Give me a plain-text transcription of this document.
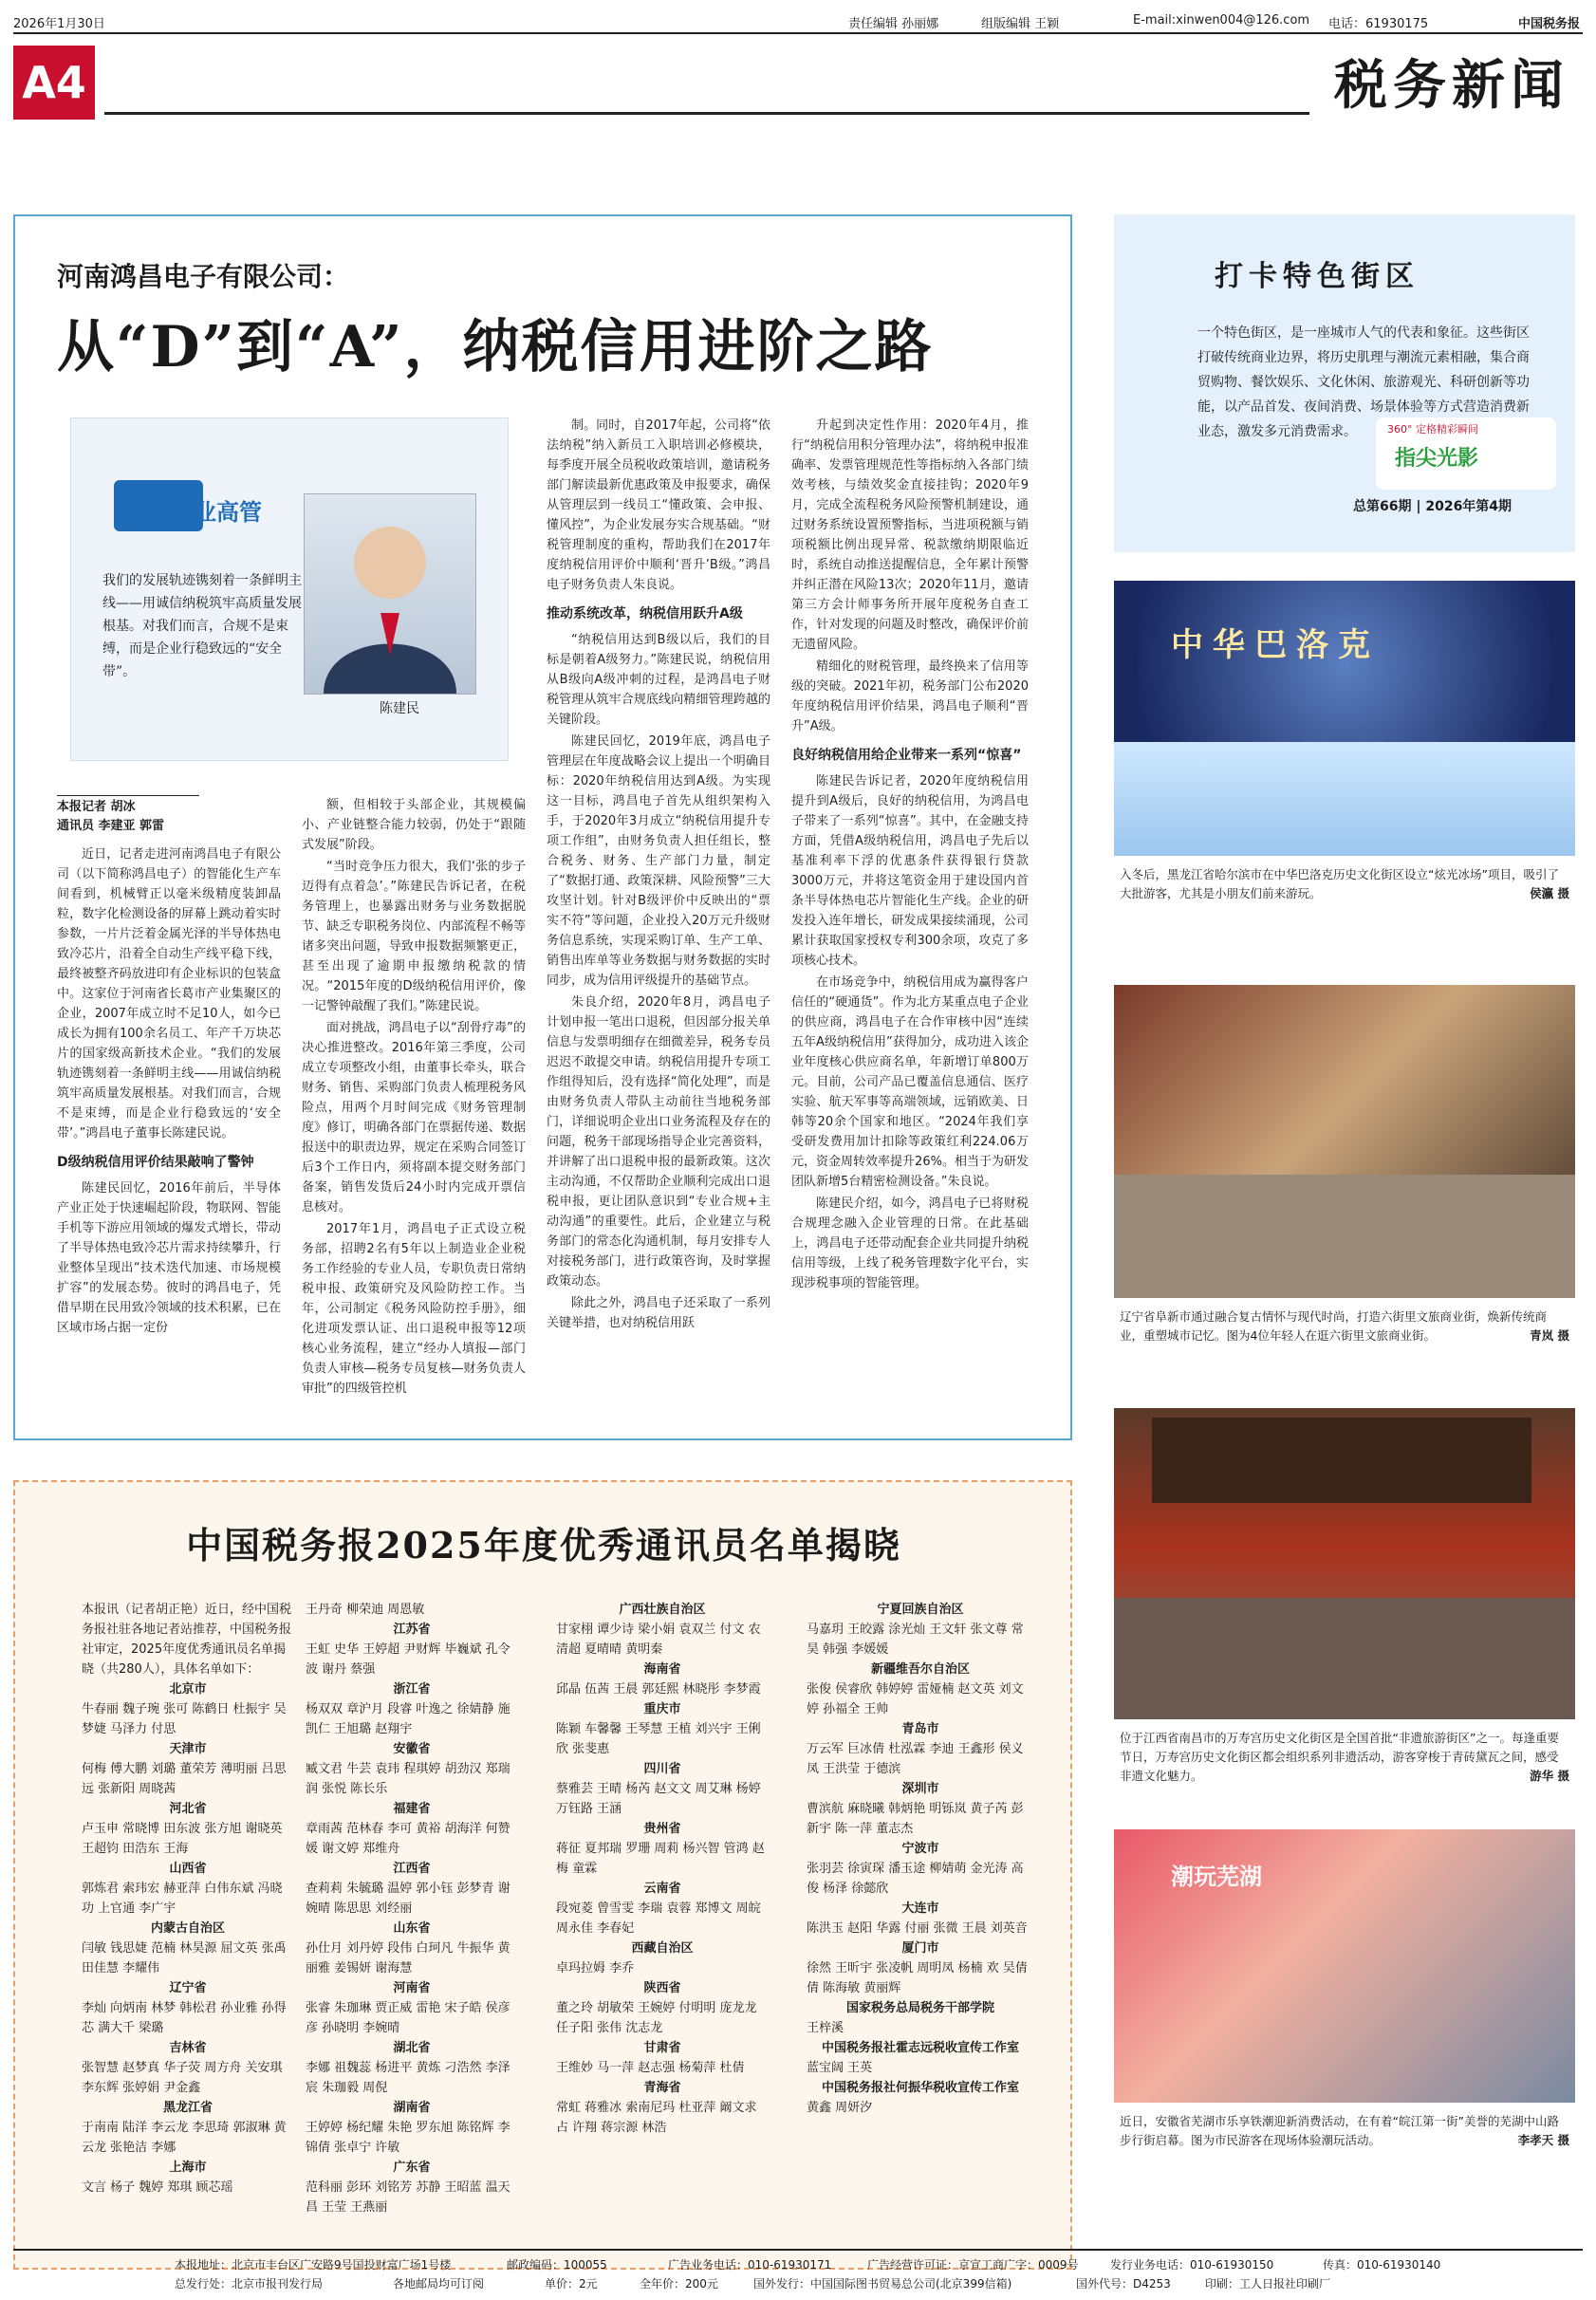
2026年1月30日	责任编辑 孙丽娜	组版编辑 王颖	E-mail:xinwen004@126.com 电话：61930175	中国税务报
A4	税务新闻
河南鸿昌电子有限公司：
从“D”到“A”，纳税信用进阶之路
企业高管
我们的发展轨迹镌刻着一条鲜明主线——用诚信纳税筑牢高质量发展根基。对我们而言，合规不是束缚，而是企业行稳致远的“安全带”。
陈建民
本报记者 胡冰
通讯员 李建亚 郭雷

近日，记者走进河南鸿昌电子有限公司（以下简称鸿昌电子）的智能化生产车间看到，机械臂正以毫米级精度装卸晶粒，数字化检测设备的屏幕上跳动着实时参数，一片片泛着金属光泽的半导体热电致冷芯片，沿着全自动生产线平稳下线，最终被整齐码放进印有企业标识的包装盒中。这家位于河南省长葛市产业集聚区的企业，2007年成立时不足10人，如今已成长为拥有100余名员工、年产千万块芯片的国家级高新技术企业。“我们的发展轨迹镌刻着一条鲜明主线——用诚信纳税筑牢高质量发展根基。对我们而言，合规不是束缚，而是企业行稳致远的‘安全带’。”鸿昌电子董事长陈建民说。

D级纳税信用评价结果敲响了警钟

陈建民回忆，2016年前后，半导体产业正处于快速崛起阶段，物联网、智能手机等下游应用领域的爆发式增长，带动了半导体热电致冷芯片需求持续攀升，行业整体呈现出“技术迭代加速、市场规模扩容”的发展态势。彼时的鸿昌电子，凭借早期在民用致冷领域的技术积累，已在区域市场占据一定份

额，但相较于头部企业，其规模偏小、产业链整合能力较弱，仍处于“跟随式发展”阶段。

“当时竞争压力很大，我们‘张的步子迈得有点着急’。”陈建民告诉记者，在税务管理上，也暴露出财务与业务数据脱节、缺乏专职税务岗位、内部流程不畅等诸多突出问题，导致申报数据频繁更正，甚至出现了逾期申报缴纳税款的情况。“2015年度的D级纳税信用评价，像一记警钟敲醒了我们。”陈建民说。

面对挑战，鸿昌电子以“刮骨疗毒”的决心推进整改。2016年第三季度，公司成立专项整改小组，由董事长牵头，联合财务、销售、采购部门负责人梳理税务风险点，用两个月时间完成《财务管理制度》修订，明确各部门在票据传递、数据报送中的职责边界，规定在采购合同签订后3个工作日内，须将副本提交财务部门备案，销售发货后24小时内完成开票信息核对。

2017年1月，鸿昌电子正式设立税务部，招聘2名有5年以上制造业企业税务工作经验的专业人员，专职负责日常纳税申报、政策研究及风险防控工作。当年，公司制定《税务风险防控手册》，细化进项发票认证、出口退税申报等12项核心业务流程，建立“经办人填报—部门负责人审核—税务专员复核—财务负责人审批”的四级管控机

制。同时，自2017年起，公司将“依法纳税”纳入新员工入职培训必修模块，每季度开展全员税收政策培训，邀请税务部门解读最新优惠政策及申报要求，确保从管理层到一线员工“懂政策、会申报、懂风控”，为企业发展夯实合规基础。“财税管理制度的重构，帮助我们在2017年度纳税信用评价中顺利‘晋升’B级。”鸿昌电子财务负责人朱良说。

推动系统改革，纳税信用跃升A级

“纳税信用达到B级以后，我们的目标是朝着A级努力。”陈建民说，纳税信用从B级向A级冲刺的过程，是鸿昌电子财税管理从筑牢合规底线向精细管理跨越的关键阶段。

陈建民回忆，2019年底，鸿昌电子管理层在年度战略会议上提出一个明确目标：2020年纳税信用达到A级。为实现这一目标，鸿昌电子首先从组织架构入手，于2020年3月成立“纳税信用提升专项工作组”，由财务负责人担任组长，整合税务、财务、生产部门力量，制定了“数据打通、政策深耕、风险预警”三大攻坚计划。针对B级评价中反映出的“票实不符”等问题，企业投入20万元升级财务信息系统，实现采购订单、生产工单、销售出库单等业务数据与财务数据的实时同步，成为信用评级提升的基础节点。

朱良介绍，2020年8月，鸿昌电子计划申报一笔出口退税，但因部分报关单信息与发票明细存在细微差异，税务专员迟迟不敢提交申请。纳税信用提升专项工作组得知后，没有选择“简化处理”，而是由财务负责人带队主动前往当地税务部门，详细说明企业出口业务流程及存在的问题，税务干部现场指导企业完善资料，并讲解了出口退税申报的最新政策。这次主动沟通，不仅帮助企业顺利完成出口退税申报，更让团队意识到“专业合规+主动沟通”的重要性。此后，企业建立与税务部门的常态化沟通机制，每月安排专人对接税务部门，进行政策咨询，及时掌握政策动态。

除此之外，鸿昌电子还采取了一系列关键举措，也对纳税信用跃

升起到决定性作用：2020年4月，推行“纳税信用积分管理办法”，将纳税申报准确率、发票管理规范性等指标纳入各部门绩效考核，与绩效奖金直接挂钩；2020年9月，完成全流程税务风险预警机制建设，通过财务系统设置预警指标，当进项税额与销项税额比例出现异常、税款缴纳期限临近时，系统自动推送提醒信息，全年累计预警并纠正潜在风险13次；2020年11月，邀请第三方会计师事务所开展年度税务自查工作，针对发现的问题及时整改，确保评价前无遗留风险。

精细化的财税管理，最终换来了信用等级的突破。2021年初，税务部门公布2020年度纳税信用评价结果，鸿昌电子顺利“晋升”A级。

良好纳税信用给企业带来一系列“惊喜”

陈建民告诉记者，2020年度纳税信用提升到A级后，良好的纳税信用，为鸿昌电子带来了一系列“惊喜”。其中，在金融支持方面，凭借A级纳税信用，鸿昌电子先后以基准利率下浮的优惠条件获得银行贷款3000万元，并将这笔资金用于建设国内首条半导体热电芯片智能化生产线。企业的研发投入连年增长，研发成果接续涌现，公司累计获取国家授权专利300余项，攻克了多项核心技术。

在市场竞争中，纳税信用成为赢得客户信任的“硬通货”。作为北方某重点电子企业的供应商，鸿昌电子在合作审核中因“连续五年A级纳税信用”获得加分，成功进入该企业年度核心供应商名单，年新增订单800万元。目前，公司产品已覆盖信息通信、医疗实验、航天军事等高端领域，远销欧美、日韩等20余个国家和地区。“2024年我们享受研发费用加计扣除等政策红利224.06万元，资金周转效率提升26%。相当于为研发团队新增5台精密检测设备。”朱良说。

陈建民介绍，如今，鸿昌电子已将财税合规理念融入企业管理的日常。在此基础上，鸿昌电子还带动配套企业共同提升纳税信用等级，上线了税务管理数字化平台，实现涉税事项的智能管理。

打卡特色街区
一个特色街区，是一座城市人气的代表和象征。这些街区打破传统商业边界，将历史肌理与潮流元素相融，集合商贸购物、餐饮娱乐、文化休闲、旅游观光、科研创新等功能，以产品首发、夜间消费、场景体验等方式营造消费新业态，激发多元消费需求。	360° 定格精彩瞬间
指尖光影
总第66期 | 2026年第4期
中华巴洛克
入冬后，黑龙江省哈尔滨市在中华巴洛克历史文化街区设立“炫光冰场”项目，吸引了大批游客，尤其是小朋友们前来游玩。	侯瀛 摄
辽宁省阜新市通过融合复古情怀与现代时尚，打造六街里文旅商业街，焕新传统商业，重塑城市记忆。图为4位年轻人在逛六街里文旅商业街。	青岚 摄
位于江西省南昌市的万寿宫历史文化街区是全国首批“非遗旅游街区”之一。每逢重要节日，万寿宫历史文化街区都会组织系列非遗活动，游客穿梭于青砖黛瓦之间，感受非遗文化魅力。	游华 摄
潮玩芜湖
近日，安徽省芜湖市乐享铁潮迎新消费活动，在有着“皖江第一街”美誉的芜湖中山路步行街启幕。图为市民游客在现场体验潮玩活动。	李孝天 摄
中国税务报2025年度优秀通讯员名单揭晓
本报讯（记者胡正艳）近日，经中国税务报社驻各地记者站推荐，中国税务报社审定，2025年度优秀通讯员名单揭晓（共280人），具体名单如下：
北京市
牛春丽 魏子琬 张可 陈鹤日 杜振宇 吴梦婕 马泽力 付思
天津市
何梅 傅大鹏 刘璐 董荣芳 薄明丽 吕思远 张新阳 周晓茜
河北省
卢玉申 常晓博 田东波 张方旭 谢晓英 王超钧 田浩东 王海
山西省
郭炼君 索玮宏 赫亚萍 白伟东斌 冯晓功 上官通 李广宇
内蒙古自治区
闫敏 钱思婕 范楠 林昊源 屈文英 张禹 田佳慧 李耀伟
辽宁省
李灿 向炳南 林梦 韩松君 孙业雅 孙得芯 满大千 梁璐
吉林省
张智慧 赵梦真 华子荧 周方舟 关安琪 李东辉 张婷娟 尹金鑫
黑龙江省
于南南 陆洋 李云龙 李思琦 郭淑琳 黄云龙 张艳洁 李娜
上海市
文言 杨子 魏婷 郑琪 顾芯瑶
王丹奇 柳荣迪 周恩敏
江苏省
王虹 史华 王婷超 尹财辉 毕巍斌 孔令波 谢丹 蔡强
浙江省
杨双双 章沪月 段睿 叶逸之 徐婧静 施凯仁 王旭璐 赵翔宇
安徽省
臧文君 牛芸 袁玮 程琪婷 胡劲汉 郑瑞润 张悦 陈长乐
福建省
章雨茜 范林春 李可 黄裕 胡海洋 何赞媛 谢文婷 郑维舟
江西省
查莉莉 朱毓璐 温婷 郭小钰 彭梦青 谢婉晴 陈思思 刘经丽
山东省
孙仕月 刘丹婷 段伟 白珂凡 牛振华 黄丽雅 姜锡妍 谢海慧
河南省
张睿 朱珈琳 贾正威 雷艳 宋子皓 侯彦彦 孙晓明 李婉晴
湖北省
李娜 祖魏蕊 杨进平 黄炼 刁浩然 李泽宸 朱珈毅 周倪
湖南省
王婷婷 杨纪耀 朱艳 罗东旭 陈铭辉 李锦倩 张卓宁 许敏
广东省
范科丽 彭环 刘铭芳 苏静 王昭蓝 温天昌 王莹 王燕丽
广西壮族自治区
甘家栩 谭少诗 梁小娟 袁双兰 付文 农清超 夏晴晴 黄明秦
海南省
邱晶 伍茜 王晨 郭廷熙 林晓彤 李梦霞
重庆市
陈颖 车馨馨 王琴慧 王植 刘兴宇 王俐欣 张斐惠
四川省
蔡雅芸 王晴 杨芮 赵文文 周艾琳 杨婷 万钰路 王涵
贵州省
蒋征 夏邦瑞 罗珊 周莉 杨兴智 管鸿 赵梅 童霖
云南省
段宛菱 曾雪雯 李瑞 袁蓉 郑博文 周皖 周永佳 李春妃
西藏自治区
卓玛拉姆 李乔
陕西省
董之玲 胡敏荣 王婉婷 付明明 庞龙龙 任子阳 张伟 沈志龙
甘肃省
王维妙 马一萍 赵志强 杨菊萍 杜倩
青海省
常虹 蒋雅冰 索南尼玛 杜亚萍 阚文求占 许翔 蒋宗源 林浩
宁夏回族自治区
马嘉玥 王皎露 涂光灿 王文轩 张文尊 常昊 韩强 李媛媛
新疆维吾尔自治区
张俊 侯睿欣 韩婷婷 雷娅楠 赵文英 刘文婷 孙福全 王帅
青岛市
万云军 巨冰倩 杜泓霖 李迪 王鑫形 侯义凤 王洪莹 于德滨
深圳市
曹滨航 麻晓曦 韩炳艳 明铄岚 黄子芮 彭新宇 陈一萍 董志杰
宁波市
张羽芸 徐寅琛 潘玉途 柳婧萌 金光涛 高俊 杨泽 徐懿欣
大连市
陈洪玉 赵阳 华露 付丽 张微 王晨 刘英音
厦门市
徐然 王昕宇 张凌帆 周明凤 杨楠 欢 吴倩倩 陈海敏 黄丽辉
国家税务总局税务干部学院
王梓溪
中国税务报社霍志远税收宣传工作室
蓝宝阔 王英
中国税务报社何振华税收宣传工作室
黄鑫 周妍汐
本报地址：北京市丰台区广安路9号国投财富广场1号楼	邮政编码：100055	广告业务电话：010-61930171	广告经营许可证：京宣工商广字：0009号	发行业务电话：010-61930150	传真：010-61930140
总发行处：北京市报刊发行局	各地邮局均可订阅	单价：2元	全年价：200元	国外发行：中国国际图书贸易总公司(北京399信箱)	国外代号：D4253	印刷：工人日报社印刷厂
